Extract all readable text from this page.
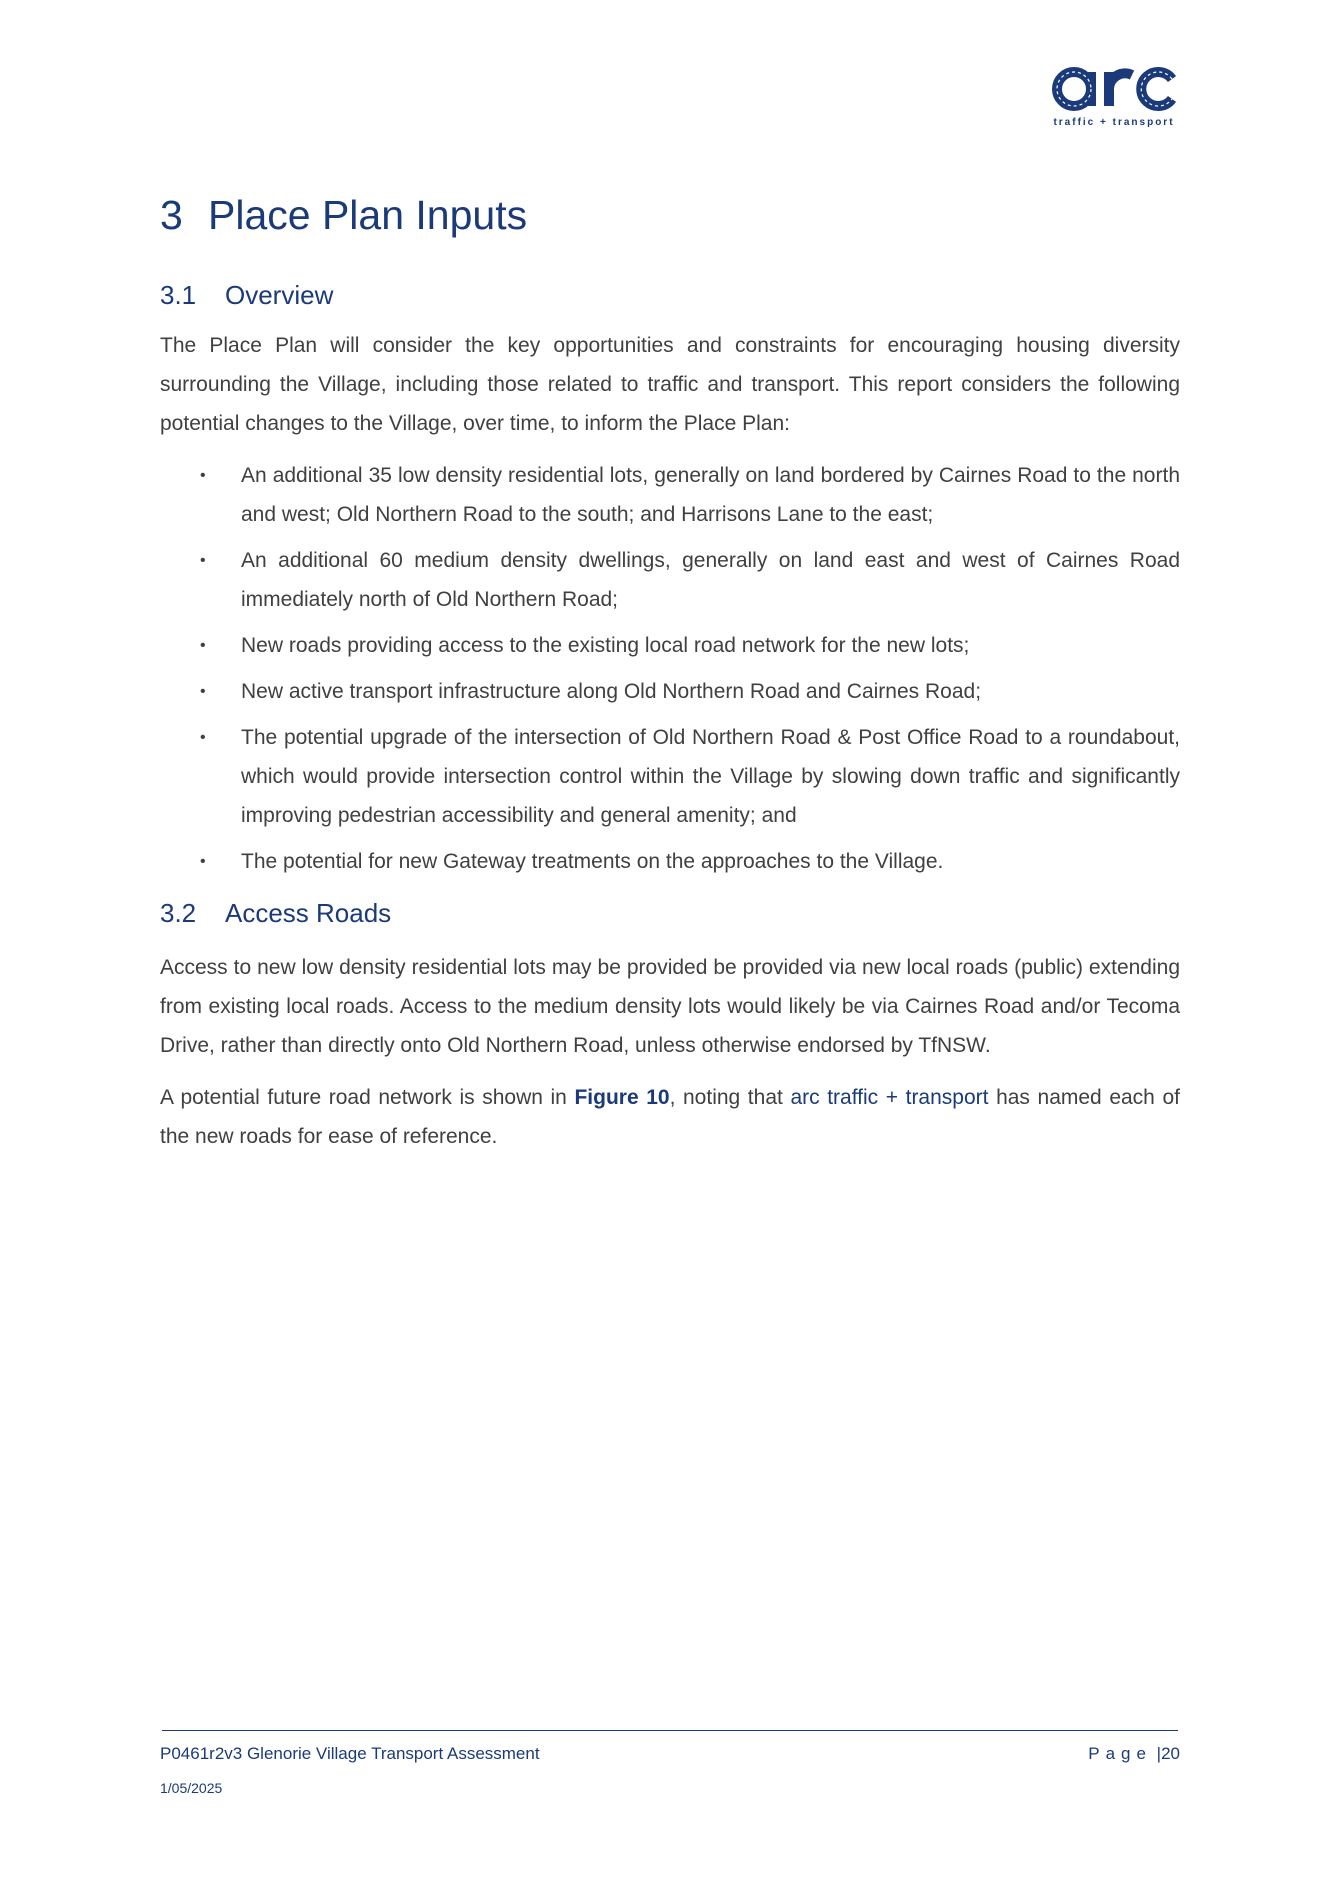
traffic + transport
3 Place Plan Inputs
3.1 Overview

The Place Plan will consider the key opportunities and constraints for encouraging housing diversity surrounding the Village, including those related to traffic and transport. This report considers the following potential changes to the Village, over time, to inform the Place Plan:

• An additional 35 low density residential lots, generally on land bordered by Cairnes Road to the north and west; Old Northern Road to the south; and Harrisons Lane to the east;
• An additional 60 medium density dwellings, generally on land east and west of Cairnes Road immediately north of Old Northern Road;
• New roads providing access to the existing local road network for the new lots;
• New active transport infrastructure along Old Northern Road and Cairnes Road;
• The potential upgrade of the intersection of Old Northern Road & Post Office Road to a roundabout, which would provide intersection control within the Village by slowing down traffic and significantly improving pedestrian accessibility and general amenity; and
• The potential for new Gateway treatments on the approaches to the Village.
3.2 Access Roads

Access to new low density residential lots may be provided be provided via new local roads (public) extending from existing local roads. Access to the medium density lots would likely be via Cairnes Road and/or Tecoma Drive, rather than directly onto Old Northern Road, unless otherwise endorsed by TfNSW.

A potential future road network is shown in Figure 10, noting that arc traffic + transport has named each of the new roads for ease of reference.

P0461r2v3 Glenorie Village Transport Assessment
1/05/2025
Page |20
